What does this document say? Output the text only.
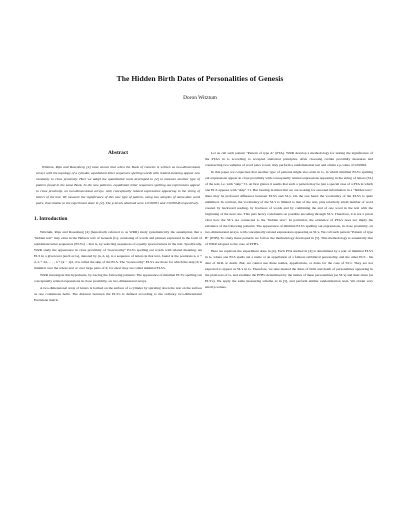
The Hidden Birth Dates of Personalities of Genesis
Doron Witztum
Abstract

Witztum, Rips and Rosenberg [4] have shown that when the Book of Genesis is written as two-dimensional arrays with the topology of a cylinder, equidistant letter sequences spelling words with related meaning appear non randomly in close proximity. Here we adopt the quantitative tools developed in [4] to measure another type of pattern found in the same Book. In the new patterns, equidistant letter sequences spelling out expressions appear in close proximity, on two-dimensional arrays, with conceptually related expressions appearing in the string of letters of the text. We measure the significance of this new type of pattern, using two samples of name-date word pairs, that similar to the experiment done in [4]. The p-levels obtained were 1/0.00051 and 1/0.00046 respectively.

1. Introduction

Witztum, Rips and Rosenberg [4] (henceforth referred to as WRR) study systematically the assumption that a "hidden text" may exist in the Hebrew text of Genesis (G), consisting of words and phrases expressed in the form of equidistant letter sequences (ELS's) – that is, by selecting sequences of equally spaced letters in the text. Specifically, WRR study the appearance in close proximity of "noteworthy" ELS's spelling out words with related meaning. An ELS in a given text (such as G), denoted by (n, d, k), is a sequence of letters in that text, found at the positions n, n + d, n + 2d, . . . , n + (k − 1)d. d is called the skip of the ELS. The "noteworthy" ELS's are those for which the skip |d| is minimal over the whole text or over large parts of it; for short they are called minimal ELS's.

WRR investigate this hypothesis, by tracing the following patterns: The appearance of minimal ELS's spelling out conceptually related expressions in close proximity, on two-dimensional arrays.

A two-dimensional array of letters is formed on the surface of a cylinder by spiraling down the text on the surface as one continuous helix. The distance between the ELS's is defined according to the ordinary two-dimensional Euclidean metric.

Let us call such pattern "Pattern of type A" (PTA). WRR develop a methodology for testing the significance of the PTA's in G according to accepted statistical principles. After choosing certain proximity measures and constructing two samples of word pairs to test, they perform a randomization test and obtain a p-value of 0.00002.

In this paper we conjecture that another type of patterns might also exist in G, in which minimal ELS's spelling out expressions appear in close proximity with conceptually related expressions appearing in the string of letters (SL) of the text, i.e. with "skip" ±1. At first glance it seems that such a pattern may be just a special case of a PTA in which one ELS appears with "skip" ±1. But bearing in mind that we are looking for encoded information in a "hidden text," there may be profound difference between ELS's and SL's. On the one hand, the vocabulary of the ELS's is quite unlimited. In contrast, the vocabulary of the SL's is limited to that of the text, plus relatively small number of word created by backward reading, by fractures of words and by combining the end of one word in the text with the beginning of the next one. This puts heavy constraints on possible encoding through SL's. Therefore, it is not a priori clear how the SL's are connected to the "hidden text". In particular, the existence of PTA's does not imply the existence of the following patterns: The appearance of minimal ELS's spelling out expressions, in close proximity, on two-dimensional arrays, with conceptually related expressions appearing as SL's. We call such pattern "Pattern of type B" (PTB). To study these patterns we follow the methodology developed in [5]. This methodology is essentially that of WRR adopted to the case of PTB's.

Here we replicate the experiment done in [4]. Each PTA studied in [4] is determined by a pair of minimal ELS's in G, where one ELS spells out a name or an appellation of a famous rabbinical personality, and the other ELS - his date of birth or death. But, we cannot use these names, appellations, or dates for the case of SL's. They are not expected to appear as SL's in G. Therefore, we take instead the dates of birth and death of personalities appearing in the plain text of G, and examine the PTB's determined by the names of these personalities (as SL's) and their dates (as ELS's). We apply the same measuring scheme as in [5], and perform similar randomization tests. We obtain very small p-values,
